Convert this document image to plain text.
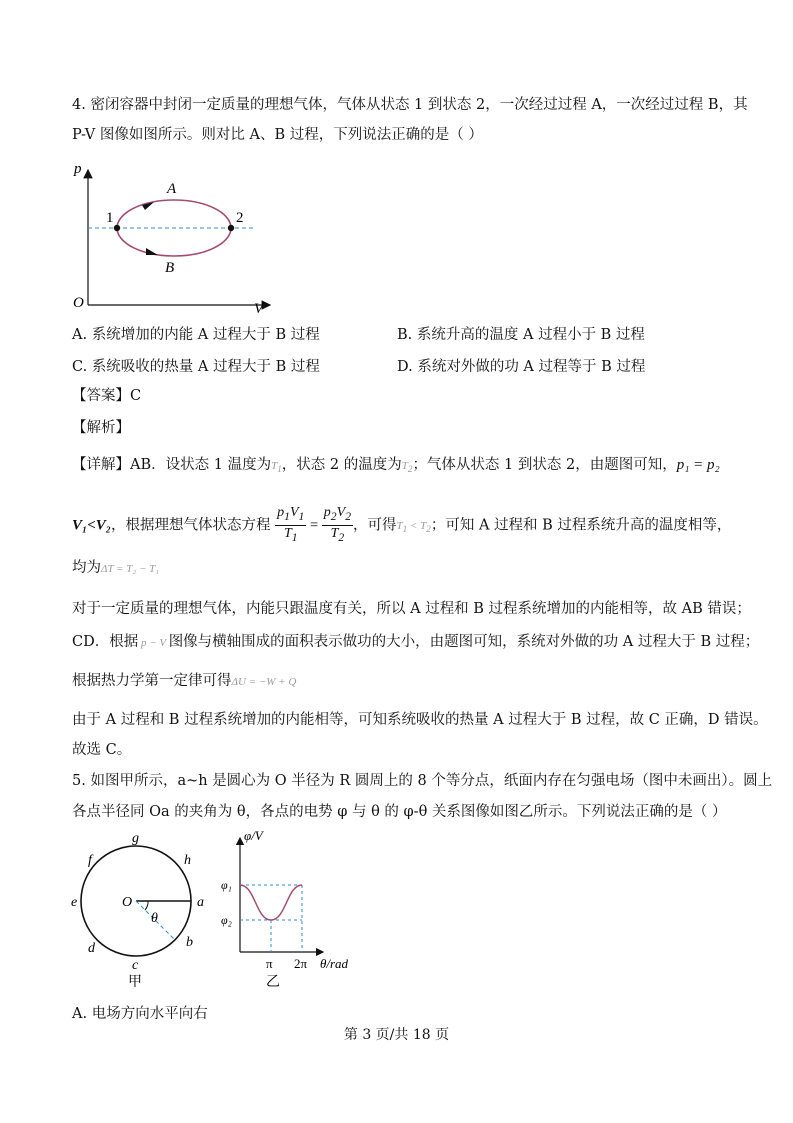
4. 密闭容器中封闭一定质量的理想气体，气体从状态 1 到状态 2，一次经过过程 A，一次经过过程 B，其
P-V 图像如图所示。则对比 A、B 过程，下列说法正确的是（ ）
p
V
O
A
B
1	2
A. 系统增加的内能 A 过程大于 B 过程	B. 系统升高的温度 A 过程小于 B 过程
C. 系统吸收的热量 A 过程大于 B 过程	D. 系统对外做的功 A 过程等于 B 过程
【答案】C
【解析】
【详解】AB．设状态 1 温度为$T_1$，状态 2 的温度为$T_2$；气体从状态 1 到状态 2，由题图可知，p₁ = p₂
V₁<V₂，根据理想气体状态方程 $\frac{p_1V_1}{T_1} = \frac{p_2V_2}{T_2}$ ，可得$T_1 < T_2$；可知 A 过程和 B 过程系统升高的温度相等，
均为ΔT = T₂ − T₁
对于一定质量的理想气体，内能只跟温度有关，所以 A 过程和 B 过程系统增加的内能相等，故 AB 错误；
CD．根据 p − V 图像与横轴围成的面积表示做功的大小，由题图可知，系统对外做的功 A 过程大于 B 过程；
根据热力学第一定律可得ΔU = −W + Q
由于 A 过程和 B 过程系统增加的内能相等，可知系统吸收的热量 A 过程大于 B 过程，故 C 正确，D 错误。
故选 C。
5. 如图甲所示，a~h 是圆心为 O 半径为 R 圆周上的 8 个等分点，纸面内存在匀强电场（图中未画出）。圆上
各点半径同 Oa 的夹角为 θ，各点的电势 φ 与 θ 的 φ-θ 关系图像如图乙所示。下列说法正确的是（ ）
O
θ
a
b
c
d
e
f
g
h
甲
φ/V
φ₁
φ₂
π 2π θ/rad
乙
A. 电场方向水平向右
第 3 页/共 18 页
